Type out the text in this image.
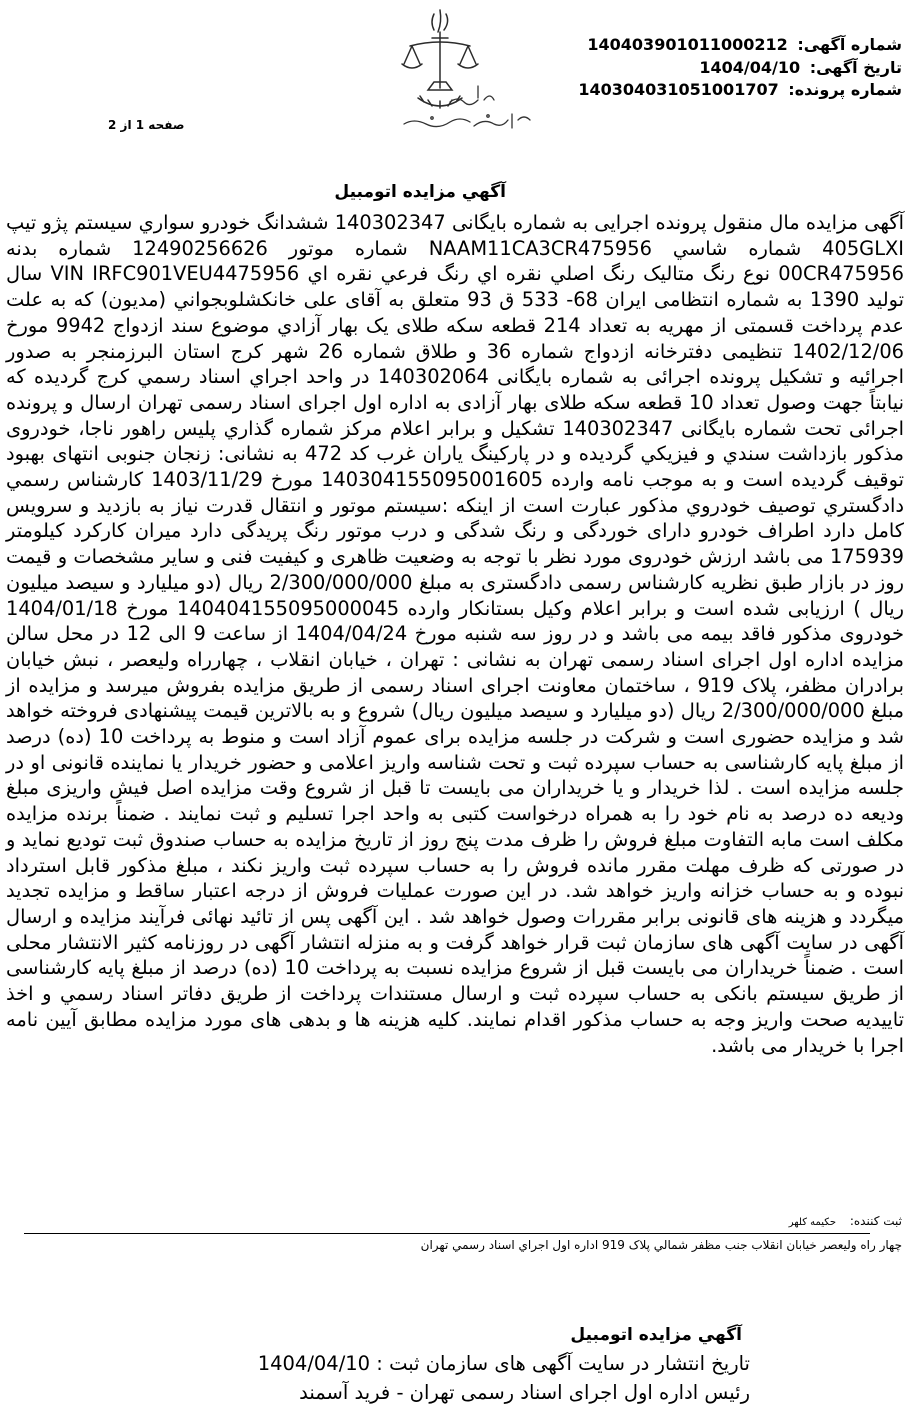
شماره آگهی: 14040390101100021‎2
تاریخ آگهی: 1404/04/10
شماره پرونده: 140304031051001707
صفحه 1 از 2
آگهي مزايده اتومبيل
آگهی مزایده مال منقول پرونده اجرایی به شماره بایگانی 140302347 ششدانگ خودرو سواري سيستم پژو تيپ 405GLXI شماره شاسي NAAM11CA3CR475956 شماره موتور 12490256626 شماره بدنه 00CR475956 نوع رنگ متاليک رنگ اصلي نقره اي رنگ فرعي نقره اي VIN IRFC901VEU4475956 سال توليد 1390 به شماره انتظامی ایران 68- 533 ق 93 متعلق به آقای علی خانکشلوبجواني (مديون) که به علت عدم پرداخت قسمتی از مهریه به تعداد 214 قطعه سکه طلای یک بهار آزادي موضوع سند ازدواج 9942 مورخ 1402/12/06 تنظيمی دفترخانه ازدواج شماره 36 و طلاق شماره 26 شهر کرج استان البرزمنجر به صدور اجرائیه و تشکیل پرونده اجرائی به شماره بایگانی 140302064 در واحد اجراي اسناد رسمي کرج گرديده که نیابتاً جهت وصول تعداد 10 قطعه سکه طلای بهار آزادی به اداره اول اجرای اسناد رسمی تهران ارسال و پرونده اجرائی تحت شماره بایگانی 140302347 تشکیل و برابر اعلام مرکز شماره گذاري پليس راهور ناجا، خودروی مذکور بازداشت سندي و فيزيکي گرديده و در پارکينگ ياران غرب کد 472 به نشانی: زنجان جنوبی انتهای بهبود توقیف گردیده است و به موجب نامه وارده 140304155095001605 مورخ 1403/11/29 کارشناس رسمي دادگستري توصيف خودروي مذکور عبارت است از اینکه :سیستم موتور و انتقال قدرت نیاز به بازدید و سرویس کامل دارد اطراف خودرو دارای خوردگی و رنگ شدگی و درب موتور رنگ پریدگی دارد میران کارکرد کیلومتر 175939 می باشد ارزش خودروی مورد نظر با توجه به وضعیت ظاهری و کیفیت فنی و سایر مشخصات و قیمت روز در بازار طبق نظریه کارشناس رسمی دادگستری به مبلغ 2/300/000/000 ریال (دو میلیارد و سیصد میلیون ریال ) ارزیابی شده است و برابر اعلام وکیل بستانکار وارده 140404155095000045 مورخ 1404/01/18 خودروی مذکور فاقد بیمه می باشد و در روز سه شنبه مورخ 1404/04/24 از ساعت 9 الی 12 در محل سالن مزایده اداره اول اجرای اسناد رسمی تهران به نشانی : تهران ، خیابان انقلاب ، چهارراه ولیعصر ، نبش خیابان برادران مظفر، پلاک 919 ، ساختمان معاونت اجرای اسناد رسمی از طریق مزایده بفروش میرسد و مزایده از مبلغ 2/300/000/000 ریال (دو میلیارد و سیصد میلیون ریال) شروع و به بالاترین قیمت پیشنهادی فروخته خواهد شد و مزایده حضوری است و شرکت در جلسه مزایده برای عموم آزاد است و منوط به پرداخت 10 (ده) درصد از مبلغ پایه کارشناسی به حساب سپرده ثبت و تحت شناسه واریز اعلامی و حضور خریدار یا نماینده قانونی او در جلسه مزایده است . لذا خریدار و یا خریداران می بایست تا قبل از شروع وقت مزایده اصل فیش واریزی مبلغ ودیعه ده درصد به نام خود را به همراه درخواست کتبی به واحد اجرا تسلیم و ثبت نمایند . ضمناً برنده مزایده مکلف است مابه التفاوت مبلغ فروش را ظرف مدت پنج روز از تاریخ مزایده به حساب صندوق ثبت تودیع نماید و در صورتی که ظرف مهلت مقرر مانده فروش را به حساب سپرده ثبت واریز نکند ، مبلغ مذکور قابل استرداد نبوده و به حساب خزانه واریز خواهد شد. در این صورت عملیات فروش از درجه اعتبار ساقط و مزایده تجدید میگردد و هزینه های قانونی برابر مقررات وصول خواهد شد . این آگهی پس از تائید نهائی فرآیند مزایده و ارسال آگهی در سایت آگهی های سازمان ثبت قرار خواهد گرفت و به منزله انتشار آگهی در روزنامه کثیر الانتشار محلی است . ضمناً خریداران می بایست قبل از شروع مزایده نسبت به پرداخت 10 (ده) درصد از مبلغ پایه کارشناسی از طریق سیستم بانکی به حساب سپرده ثبت و ارسال مستندات پرداخت از طریق دفاتر اسناد رسمي و اخذ تاییدیه صحت واریز وجه به حساب مذکور اقدام نمایند. کلیه هزینه ها و بدهی های مورد مزایده مطابق آیین نامه اجرا با خریدار می باشد.
ثبت کننده: حکیمه کلهر
چهار راه وليعصر خيابان انقلاب جنب مظفر شمالي پلاک 919 اداره اول اجراي اسناد رسمي تهران
آگهي مزايده اتومبيل
تاریخ انتشار در سایت آگهی های سازمان ثبت : 1404/04/10
رئیس اداره اول اجرای اسناد رسمی تهران - فرید آسمند
